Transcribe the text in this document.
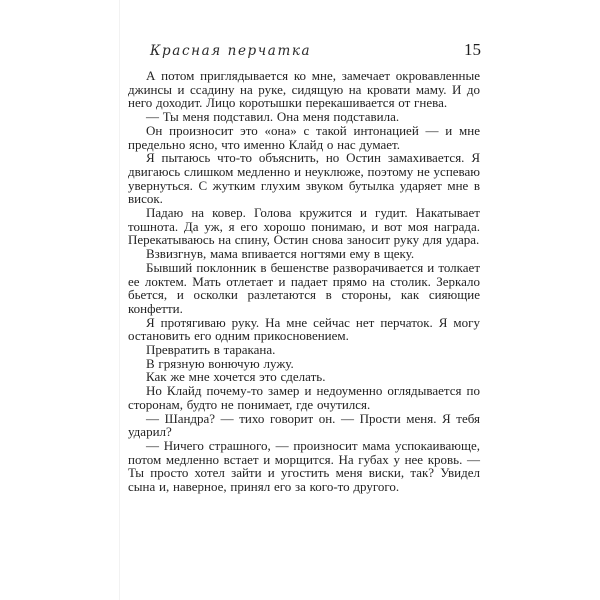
Красная перчатка	15

А потом приглядывается ко мне, замечает окровавленные джинсы и ссадину на руке, сидящую на кровати маму. И до него доходит. Лицо коротышки перекашивается от гнева.

— Ты меня подставил. Она меня подставила.

Он произносит это «она» с такой интонацией — и мне предельно ясно, что именно Клайд о нас думает.

Я пытаюсь что-то объяснить, но Остин замахивается. Я двигаюсь слишком медленно и неуклюже, поэтому не успеваю увернуться. С жутким глухим звуком бутылка ударяет мне в висок.

Падаю на ковер. Голова кружится и гудит. Накатывает тошнота. Да уж, я его хорошо понимаю, и вот моя награда. Перекатываюсь на спину, Остин снова заносит руку для удара.

Взвизгнув, мама впивается ногтями ему в щеку.

Бывший поклонник в бешенстве разворачивается и толкает ее локтем. Мать отлетает и падает прямо на столик. Зеркало бьется, и осколки разлетаются в стороны, как сияющие конфетти.

Я протягиваю руку. На мне сейчас нет перчаток. Я могу остановить его одним прикосновением.

Превратить в таракана.

В грязную вонючую лужу.

Как же мне хочется это сделать.

Но Клайд почему-то замер и недоуменно оглядывается по сторонам, будто не понимает, где очутился.

— Шандра? — тихо говорит он. — Прости меня. Я тебя ударил?

— Ничего страшного, — произносит мама успокаивающе, потом медленно встает и морщится. На губах у нее кровь. — Ты просто хотел зайти и угостить меня виски, так? Увидел сына и, наверное, принял его за кого-то другого.
